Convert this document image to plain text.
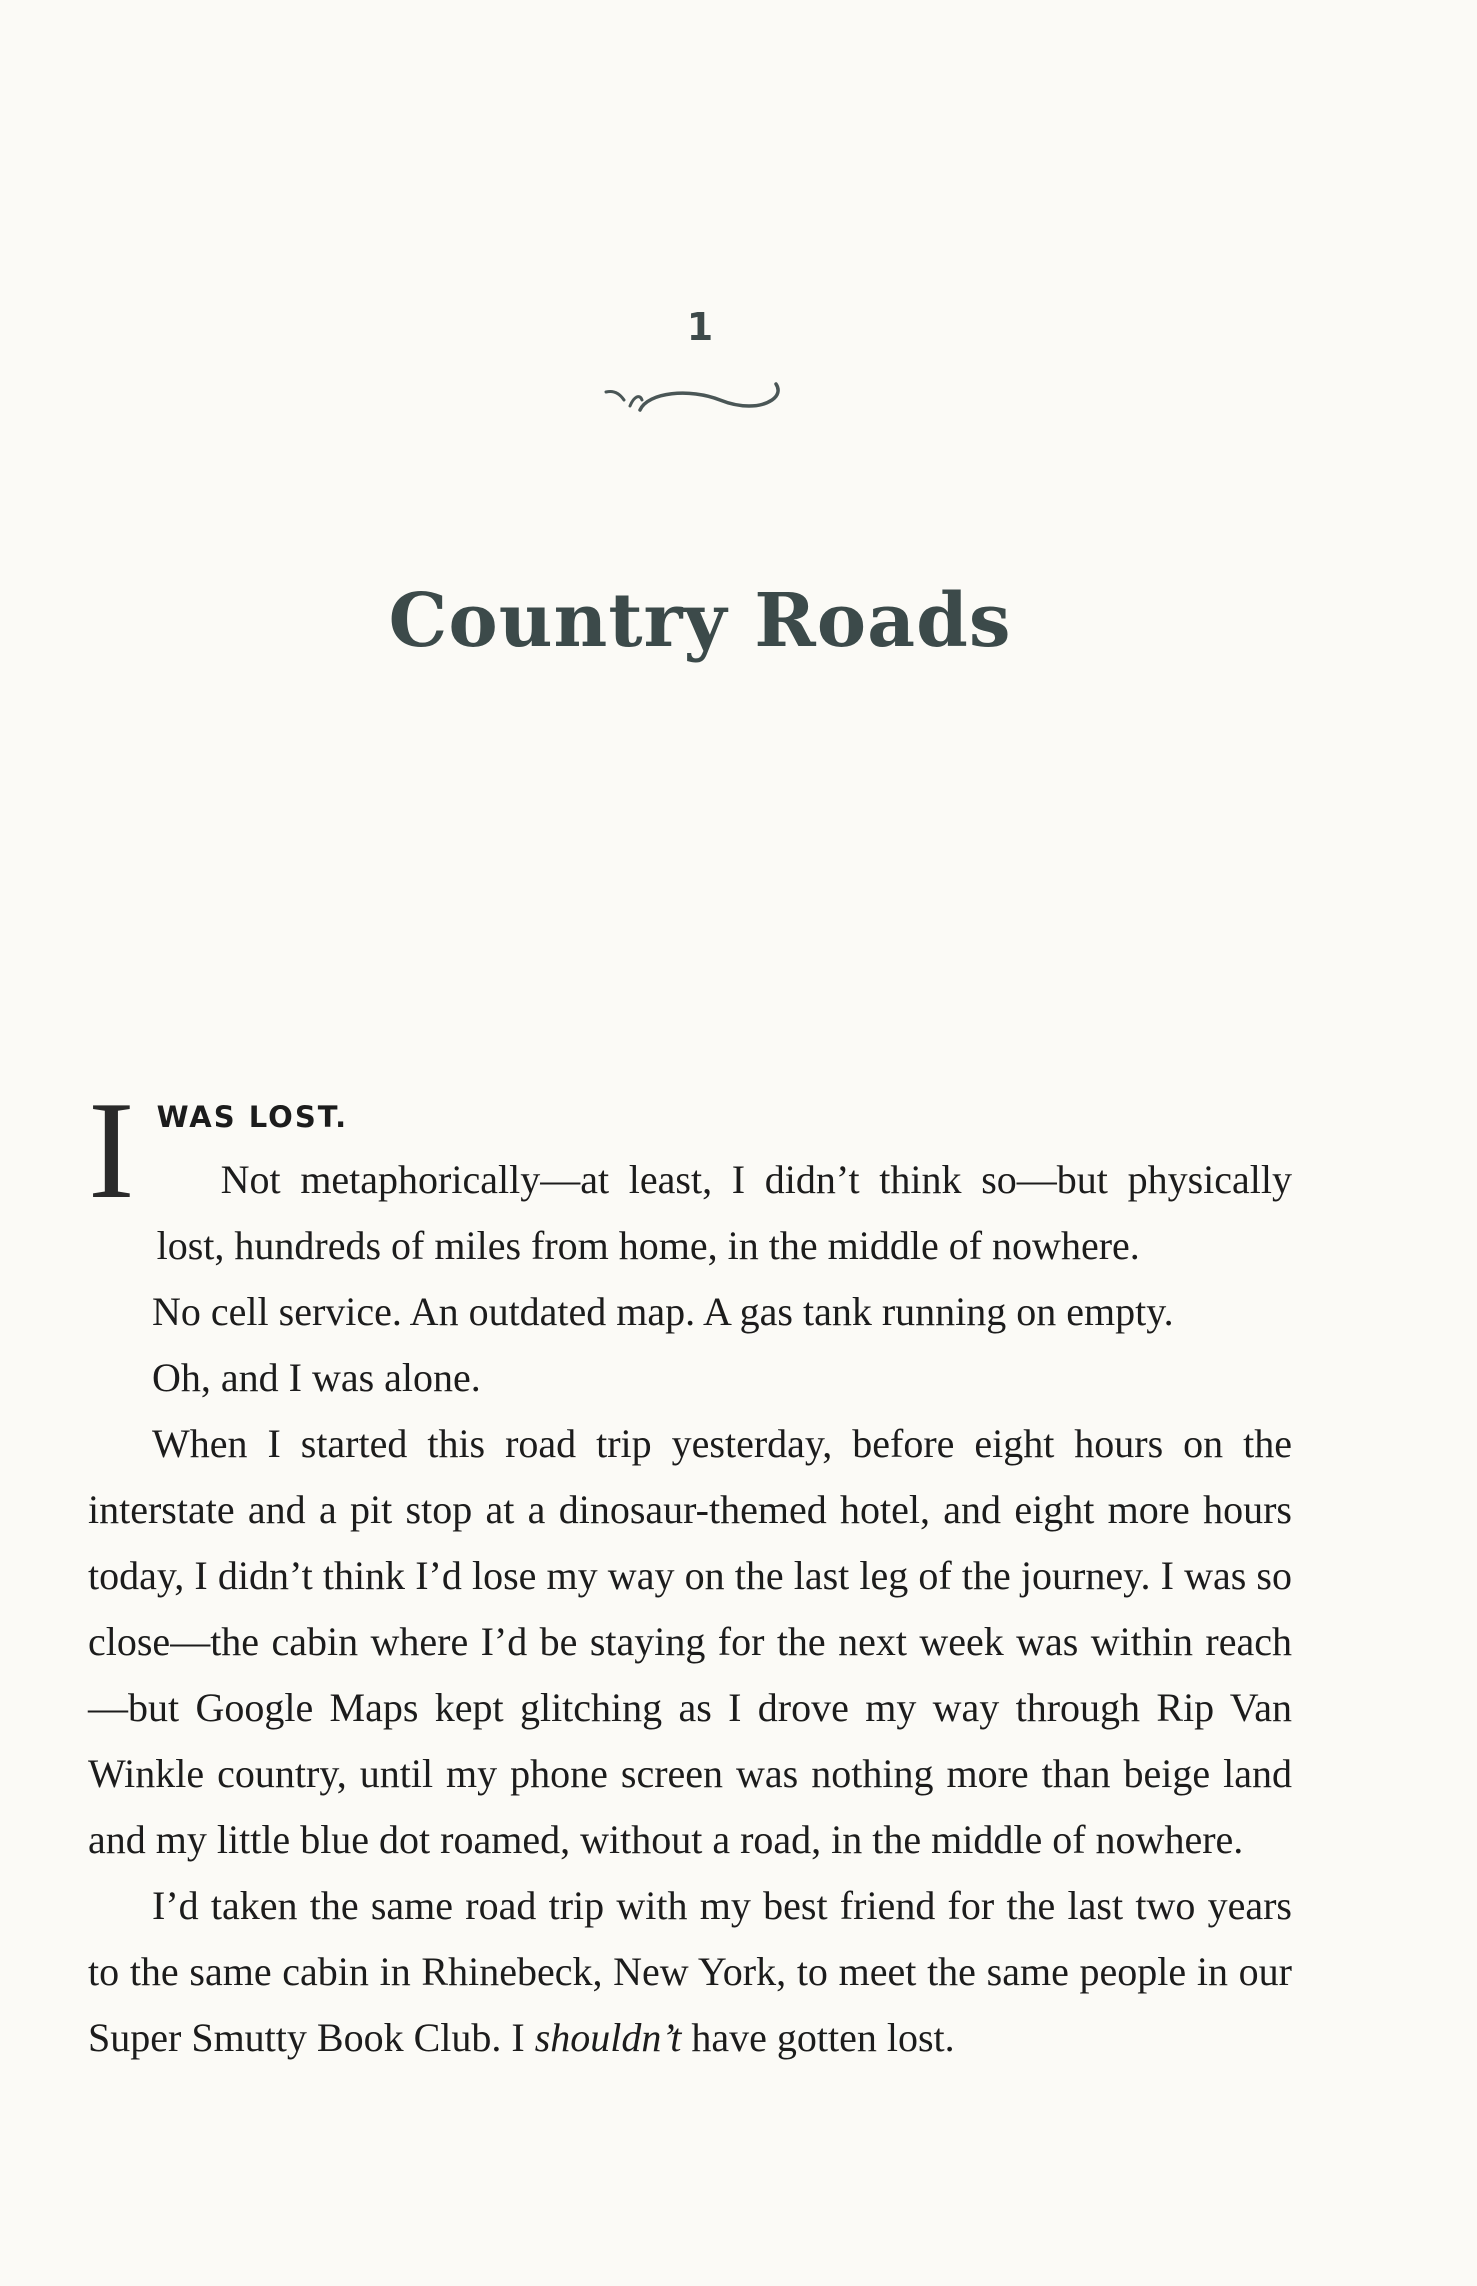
1
Country Roads
I WAS LOST.

Not metaphorically—at least, I didn’t think so—but physically lost, hundreds of miles from home, in the middle of nowhere.

No cell service. An outdated map. A gas tank running on empty.

Oh, and I was alone.

When I started this road trip yesterday, before eight hours on the interstate and a pit stop at a dinosaur-themed hotel, and eight more hours today, I didn’t think I’d lose my way on the last leg of the journey. I was so close—the cabin where I’d be staying for the next week was within reach—but Google Maps kept glitching as I drove my way through Rip Van Winkle country, until my phone screen was nothing more than beige land and my little blue dot roamed, without a road, in the middle of nowhere.

I’d taken the same road trip with my best friend for the last two years to the same cabin in Rhinebeck, New York, to meet the same people in our Super Smutty Book Club. I shouldn’t have gotten lost.
